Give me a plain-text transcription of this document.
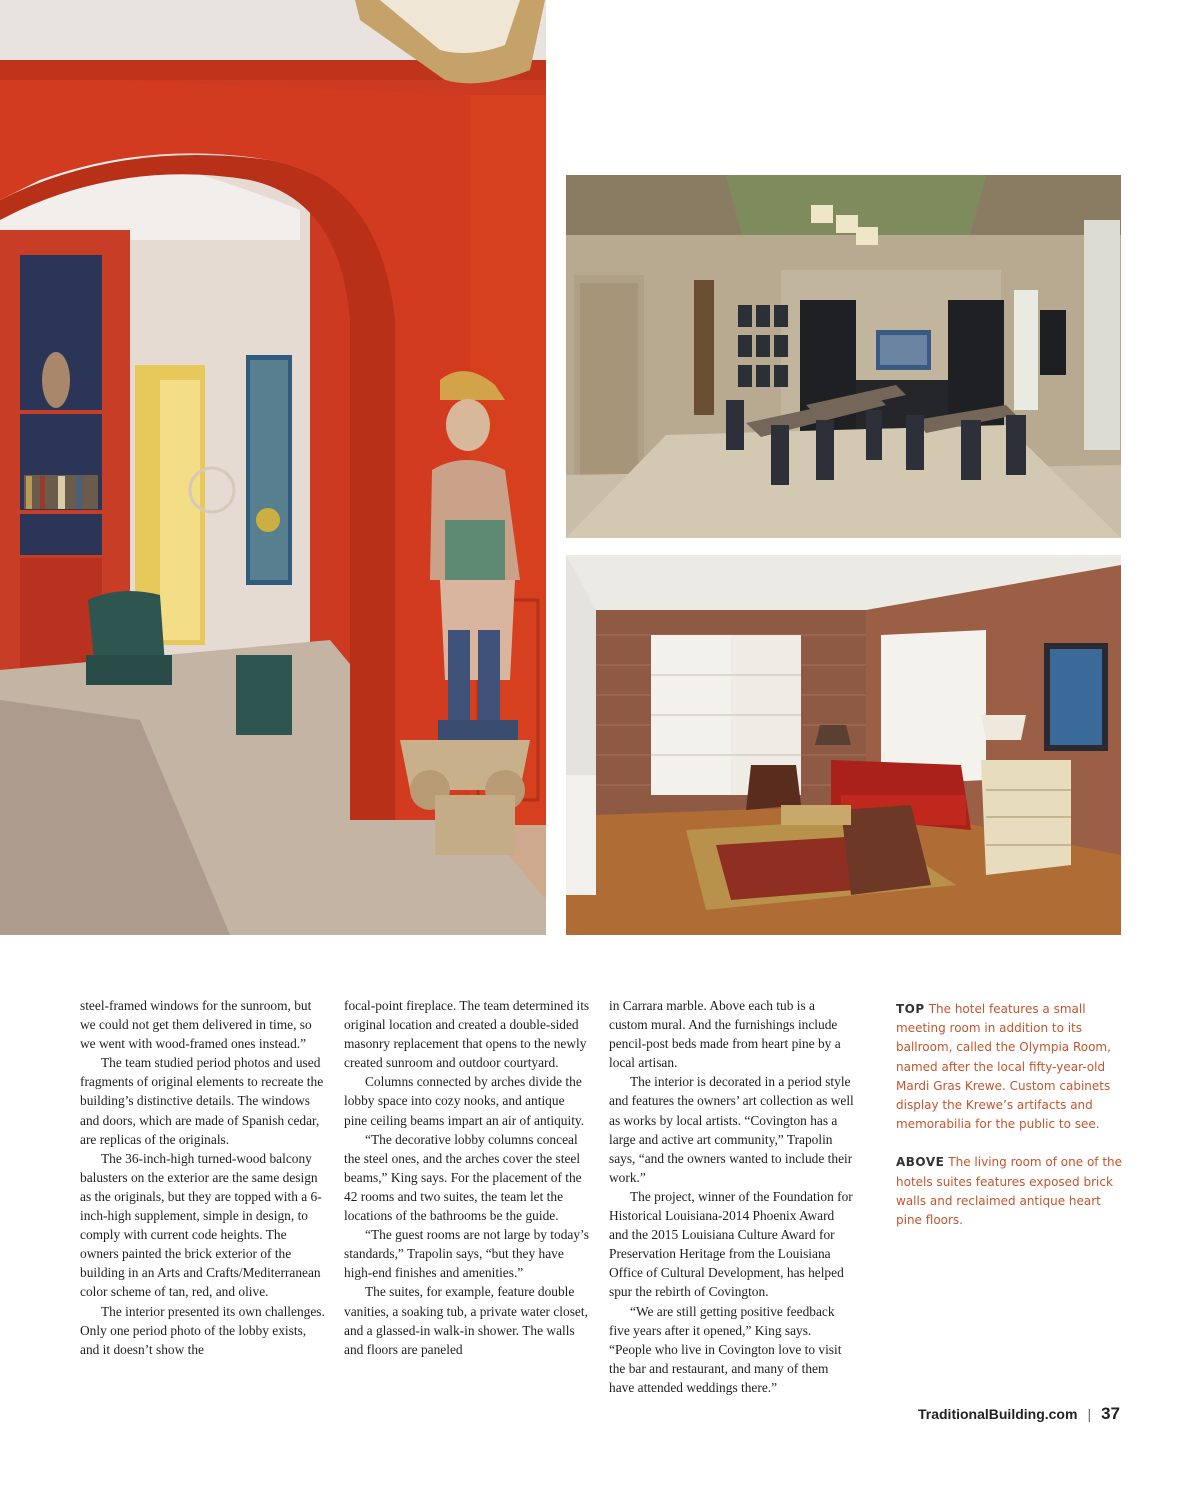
steel-framed windows for the sunroom, but we could not get them delivered in time, so we went with wood-framed ones instead.”

The team studied period photos and used fragments of original elements to recreate the building’s distinctive details. The windows and doors, which are made of Spanish cedar, are replicas of the originals.

The 36-inch-high turned-wood balcony balusters on the exterior are the same design as the originals, but they are topped with a 6-inch-high supplement, simple in design, to comply with current code heights. The owners painted the brick exterior of the building in an Arts and Crafts/Mediterranean color scheme of tan, red, and olive.

The interior presented its own challenges. Only one period photo of the lobby exists, and it doesn’t show the

focal-point fireplace. The team determined its original location and created a double-sided masonry replacement that opens to the newly created sunroom and outdoor courtyard.

Columns connected by arches divide the lobby space into cozy nooks, and antique pine ceiling beams impart an air of antiquity.

“The decorative lobby columns conceal the steel ones, and the arches cover the steel beams,” King says. For the placement of the 42 rooms and two suites, the team let the locations of the bathrooms be the guide.

“The guest rooms are not large by today’s standards,” Trapolin says, “but they have high-end finishes and amenities.”

The suites, for example, feature double vanities, a soaking tub, a private water closet, and a glassed-in walk-in shower. The walls and floors are paneled

in Carrara marble. Above each tub is a custom mural. And the furnishings include pencil-post beds made from heart pine by a local artisan.

The interior is decorated in a period style and features the owners’ art collection as well as works by local artists. “Covington has a large and active art community,” Trapolin says, “and the owners wanted to include their work.”

The project, winner of the Foundation for Historical Louisiana-2014 Phoenix Award and the 2015 Louisiana Culture Award for Preservation Heritage from the Louisiana Office of Cultural Development, has helped spur the rebirth of Covington.

“We are still getting positive feedback five years after it opened,” King says. “People who live in Covington love to visit the bar and restaurant, and many of them have attended weddings there.”

TOP The hotel features a small meeting room in addition to its ballroom, called the Olympia Room, named after the local fifty-year-old Mardi Gras Krewe. Custom cabinets display the Krewe’s artifacts and memorabilia for the public to see.

ABOVE The living room of one of the hotels suites features exposed brick walls and reclaimed antique heart pine floors.

TraditionalBuilding.com | 37
